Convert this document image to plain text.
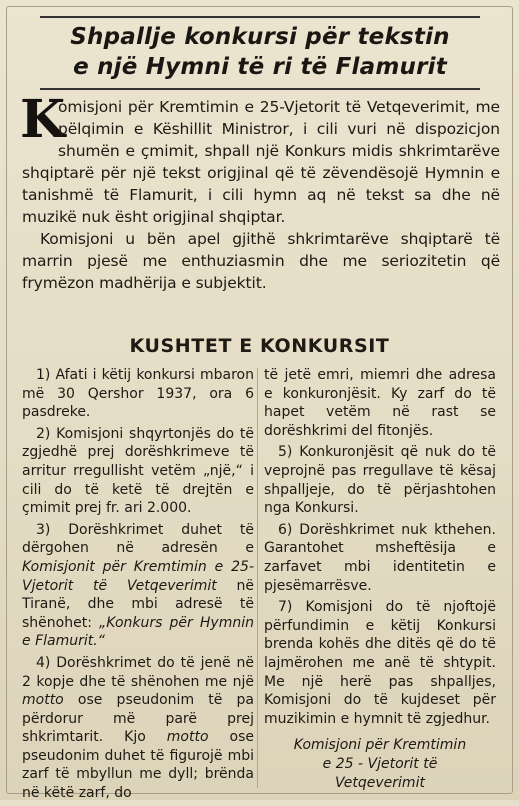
Shpallje konkursi për tekstin
e një Hymni të ri të Flamurit
K

omisjoni për Kremtimin e 25-Vjetorit të Vetqeverimit, me pëlqimin e Këshillit Ministror, i cili vuri në dispozicjon shumën e çmimit, shpall një Konkurs midis shkrimtarëve shqiptarë për një tekst origjinal që të zëvendësojë Hymnin e tanishmë të Flamurit, i cili hymn aq në tekst sa dhe në muzikë nuk ësht origjinal shqiptar.

Komisjoni u bën apel gjithë shkrimtarëve shqiptarë të marrin pjesë me enthuziasmin dhe me seriozitetin që frymëzon madhërija e subjektit.

KUSHTET E KONKURSIT

1) Afati i këtij konkursi mbaron më 30 Qershor 1937, ora 6 pasdreke.

2) Komisjoni shqyrtonjës do të zgjedhë prej dorëshkrimeve të arritur rregullisht vetëm „një,“ i cili do të ketë të drejtën e çmimit prej fr. ari 2.000.

3) Dorëshkrimet duhet të dërgohen në adresën e Komisjonit për Kremtimin e 25-Vjetorit të Vetqeverimit në Tiranë, dhe mbi adresë të shënohet: „Konkurs për Hymnin e Flamurit.“

4) Dorëshkrimet do të jenë në 2 kopje dhe të shënohen me një motto ose pseudonim të pa përdorur më parë prej shkrimtarit. Kjo motto ose pseudonim duhet të figurojë mbi zarf të mbyllun me dyll; brënda në këtë zarf, do

të jetë emri, miemri dhe adresa e konkuronjësit. Ky zarf do të hapet vetëm në rast se dorëshkrimi del fitonjës.

5) Konkuronjësit që nuk do të veprojnë pas rregullave të kësaj shpalljeje, do të përjashtohen nga Konkursi.

6) Dorëshkrimet nuk kthehen. Garantohet msheftësija e zarfavet mbi identitetin e pjesëmarrësve.

7) Komisjoni do të njoftojë përfundimin e këtij Konkursi brenda kohës dhe ditës që do të lajmërohen me anë të shtypit. Me një herë pas shpalljes, Komisjoni do të kujdeset për muzikimin e hymnit të zgjedhur.

Komisjoni për Kremtimin
e 25 - Vjetorit të
Vetqeverimit
